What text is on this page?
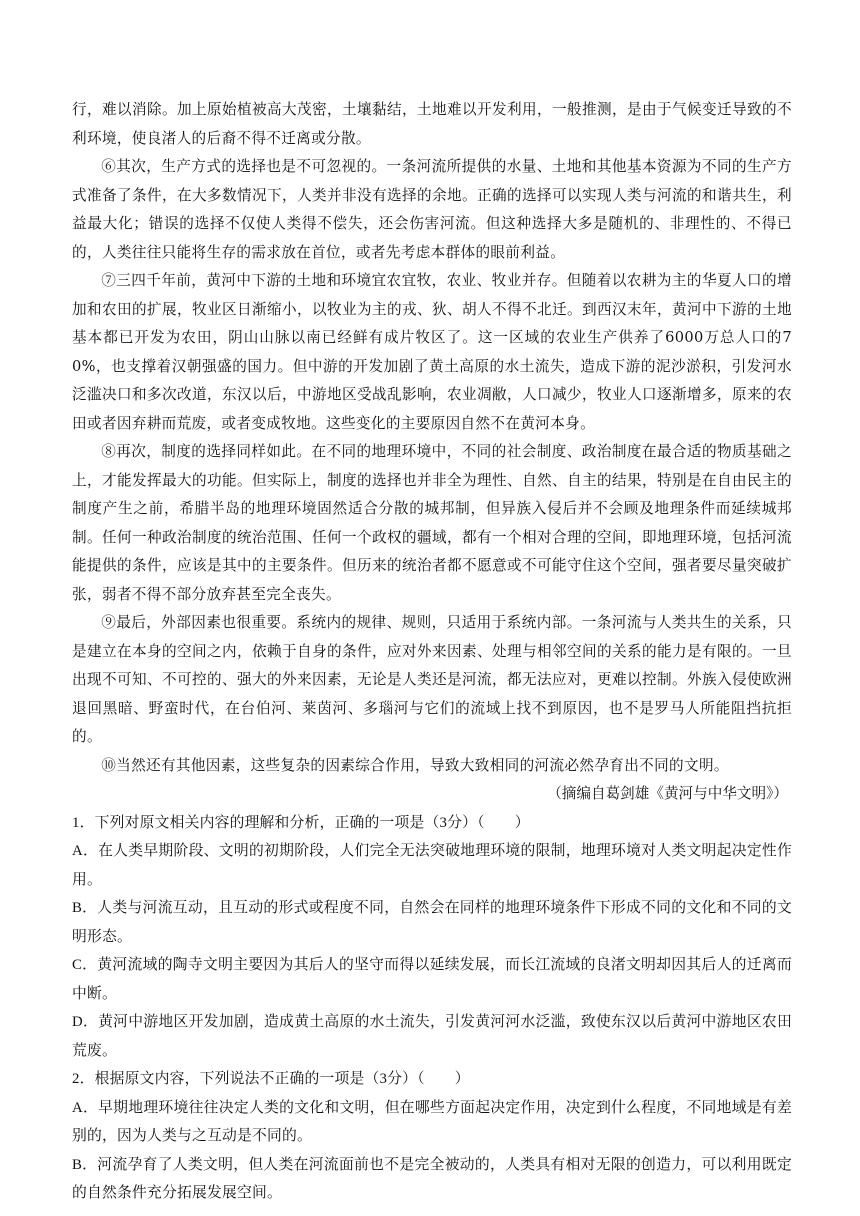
行，难以消除。加上原始植被高大茂密，土壤黏结，土地难以开发利用，一般推测，是由于气候变迁导致的不利环境，使良渚人的后裔不得不迁离或分散。

⑥其次，生产方式的选择也是不可忽视的。一条河流所提供的水量、土地和其他基本资源为不同的生产方式准备了条件，在大多数情况下，人类并非没有选择的余地。正确的选择可以实现人类与河流的和谐共生，利益最大化；错误的选择不仅使人类得不偿失，还会伤害河流。但这种选择大多是随机的、非理性的、不得已的，人类往往只能将生存的需求放在首位，或者先考虑本群体的眼前利益。

⑦三四千年前，黄河中下游的土地和环境宜农宜牧，农业、牧业并存。但随着以农耕为主的华夏人口的增加和农田的扩展，牧业区日渐缩小，以牧业为主的戎、狄、胡人不得不北迁。到西汉末年，黄河中下游的土地基本都已开发为农田，阴山山脉以南已经鲜有成片牧区了。这一区域的农业生产供养了6000万总人口的70%，也支撑着汉朝强盛的国力。但中游的开发加剧了黄土高原的水土流失，造成下游的泥沙淤积，引发河水泛滥决口和多次改道，东汉以后，中游地区受战乱影响，农业凋敝，人口减少，牧业人口逐渐增多，原来的农田或者因弃耕而荒废，或者变成牧地。这些变化的主要原因自然不在黄河本身。

⑧再次，制度的选择同样如此。在不同的地理环境中，不同的社会制度、政治制度在最合适的物质基础之上，才能发挥最大的功能。但实际上，制度的选择也并非全为理性、自然、自主的结果，特别是在自由民主的制度产生之前，希腊半岛的地理环境固然适合分散的城邦制，但异族入侵后并不会顾及地理条件而延续城邦制。任何一种政治制度的统治范围、任何一个政权的疆域，都有一个相对合理的空间，即地理环境，包括河流能提供的条件，应该是其中的主要条件。但历来的统治者都不愿意或不可能守住这个空间，强者要尽量突破扩张，弱者不得不部分放弃甚至完全丧失。

⑨最后，外部因素也很重要。系统内的规律、规则，只适用于系统内部。一条河流与人类共生的关系，只是建立在本身的空间之内，依赖于自身的条件，应对外来因素、处理与相邻空间的关系的能力是有限的。一旦出现不可知、不可控的、强大的外来因素，无论是人类还是河流，都无法应对，更难以控制。外族入侵使欧洲退回黑暗、野蛮时代，在台伯河、莱茵河、多瑙河与它们的流域上找不到原因，也不是罗马人所能阻挡抗拒的。

⑩当然还有其他因素，这些复杂的因素综合作用，导致大致相同的河流必然孕育出不同的文明。

（摘编自葛剑雄《黄河与中华文明》）

1．下列对原文相关内容的理解和分析，正确的一项是（3分）（　　）

A．在人类早期阶段、文明的初期阶段，人们完全无法突破地理环境的限制，地理环境对人类文明起决定性作用。

B．人类与河流互动，且互动的形式或程度不同，自然会在同样的地理环境条件下形成不同的文化和不同的文明形态。

C．黄河流域的陶寺文明主要因为其后人的坚守而得以延续发展，而长江流域的良渚文明却因其后人的迁离而中断。

D．黄河中游地区开发加剧，造成黄土高原的水土流失，引发黄河河水泛滥，致使东汉以后黄河中游地区农田荒废。

2．根据原文内容，下列说法不正确的一项是（3分）（　　）

A．早期地理环境往往决定人类的文化和文明，但在哪些方面起决定作用，决定到什么程度，不同地域是有差别的，因为人类与之互动是不同的。

B．河流孕育了人类文明，但人类在河流面前也不是完全被动的，人类具有相对无限的创造力，可以利用既定的自然条件充分拓展发展空间。
